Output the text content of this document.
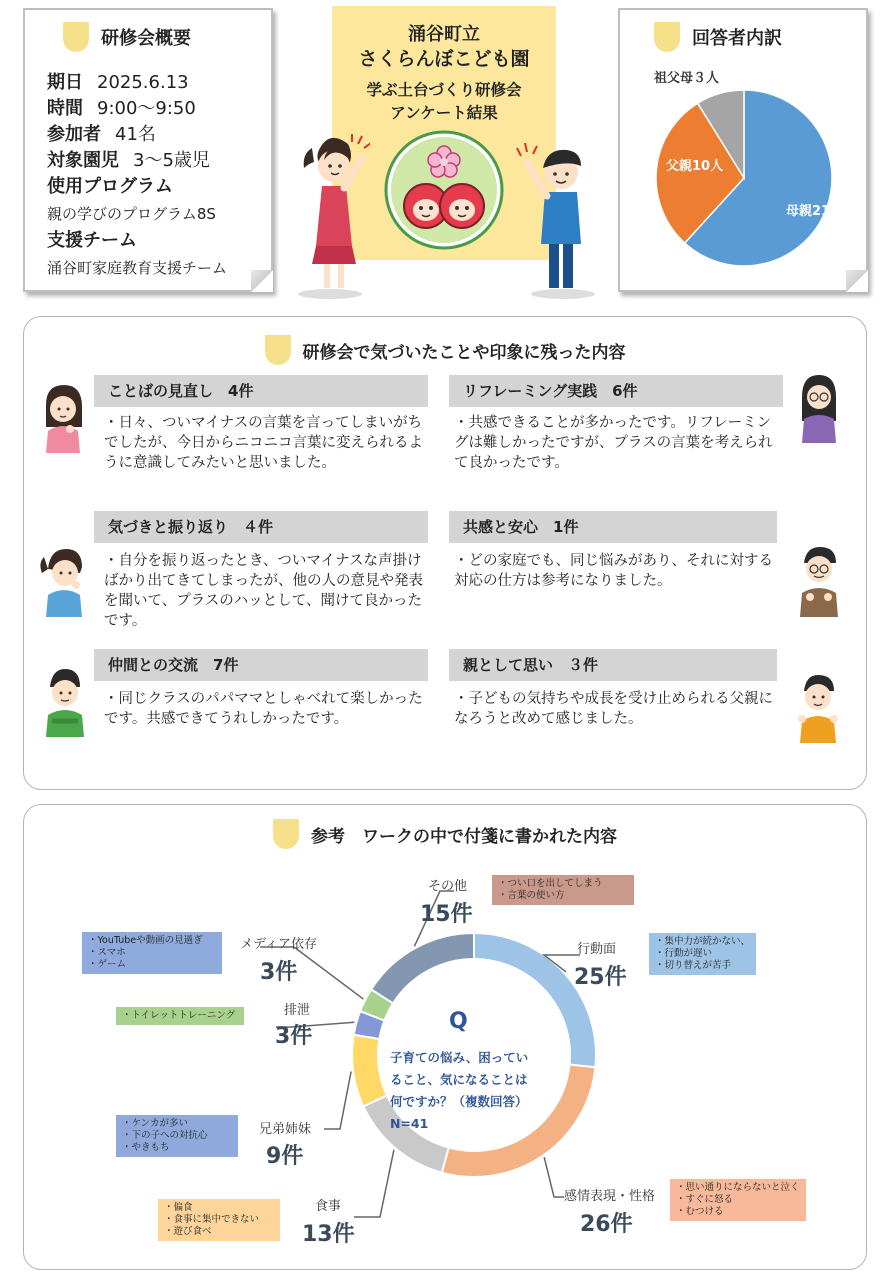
研修会概要
期日 2025.6.13
時間 9:00～9:50
参加者 41名
対象園児 3～5歳児
使用プログラム
親の学びのプログラム8S
支援チーム
涌谷町家庭教育支援チーム
涌谷町立
さくらんぼこども園
学ぶ土台づくり研修会
アンケート結果
回答者内訳
母親21人
父親10人
祖父母３人
研修会で気づいたことや印象に残った内容
ことばの見直し　4件
・日々、ついマイナスの言葉を言ってしまいがちでしたが、今日からニコニコ言葉に変えられるように意識してみたいと思いました。
リフレーミング実践　6件
・共感できることが多かったです。リフレーミングは難しかったですが、プラスの言葉を考えられて良かったです。
気づきと振り返り　４件
・自分を振り返ったとき、ついマイナスな声掛けばかり出てきてしまったが、他の人の意見や発表を聞いて、プラスのハッとして、聞けて良かったです。
共感と安心　1件
・どの家庭でも、同じ悩みがあり、それに対する対応の仕方は参考になりました。
仲間との交流　7件
・同じクラスのパパママとしゃべれて楽しかったです。共感できてうれしかったです。
親として思い　３件
・子どもの気持ちや成長を受け止められる父親になろうと改めて感じました。
参考　ワークの中で付箋に書かれた内容
Q
子育ての悩み、困ってい
ること、気になることは
何ですか？（複数回答）
N=41
行動面
25件
・集中力が続かない、
・行動が遅い
・切り替えが苦手
感情表現・性格
26件
・思い通りにならないと泣く
・すぐに怒る
・むつける
食事
13件
・偏食
・食事に集中できない
・遊び食べ
兄弟姉妹
9件
・ケンカが多い
・下の子への対抗心
・やきもち
排泄
3件
・トイレットトレーニング
メディア依存
3件
・YouTubeや動画の見過ぎ
・スマホ
・ゲーム
その他
15件
・つい口を出してしまう
・言葉の使い方
